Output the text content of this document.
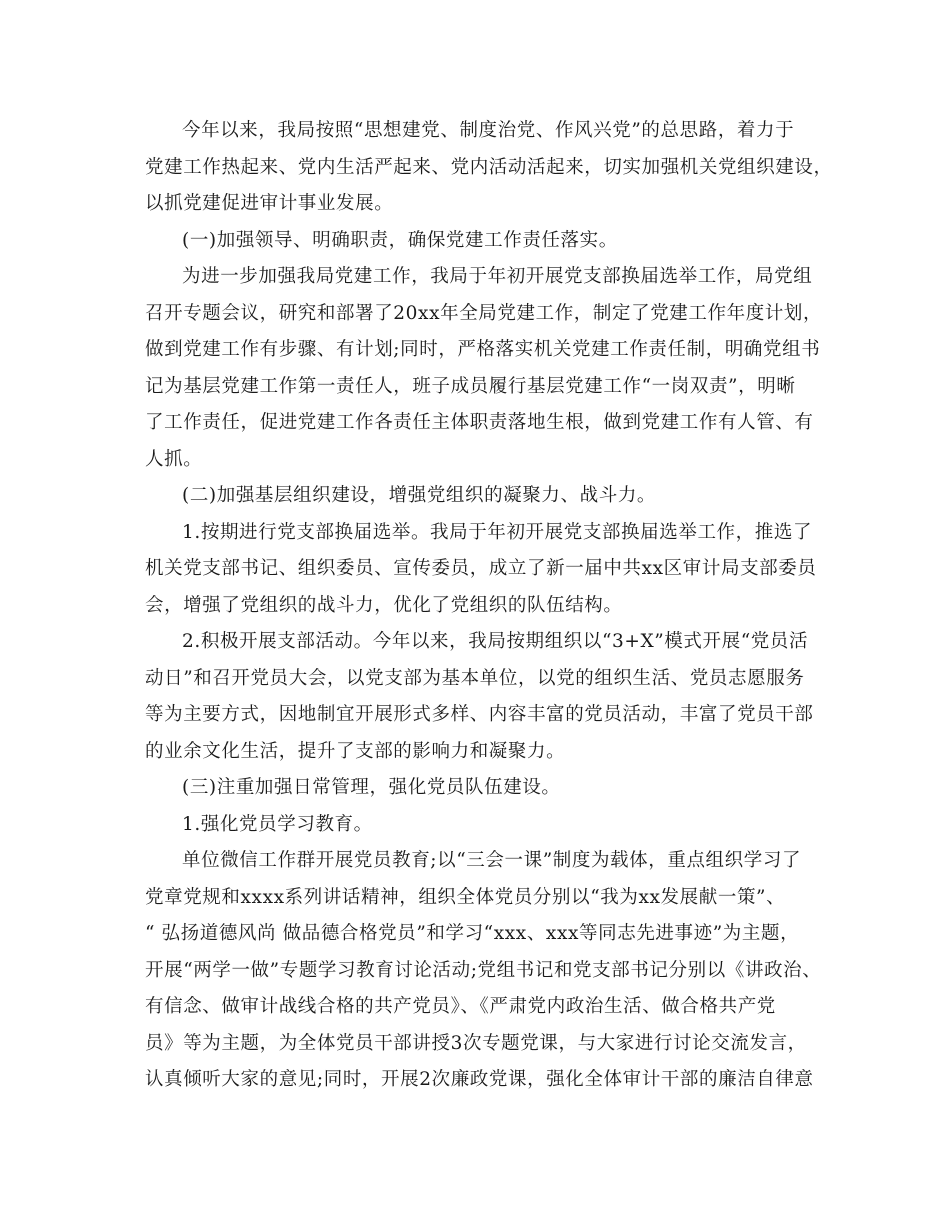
今年以来，我局按照“思想建党、制度治党、作风兴党”的总思路，着力于
党建工作热起来、党内生活严起来、党内活动活起来，切实加强机关党组织建设，
以抓党建促进审计事业发展。
(一)加强领导、明确职责，确保党建工作责任落实。
为进一步加强我局党建工作，我局于年初开展党支部换届选举工作，局党组
召开专题会议，研究和部署了20xx年全局党建工作，制定了党建工作年度计划，
做到党建工作有步骤、有计划;同时，严格落实机关党建工作责任制，明确党组书
记为基层党建工作第一责任人，班子成员履行基层党建工作“一岗双责”，明晰
了工作责任，促进党建工作各责任主体职责落地生根，做到党建工作有人管、有
人抓。
(二)加强基层组织建设，增强党组织的凝聚力、战斗力。
1.按期进行党支部换届选举。我局于年初开展党支部换届选举工作，推选了
机关党支部书记、组织委员、宣传委员，成立了新一届中共xx区审计局支部委员
会，增强了党组织的战斗力，优化了党组织的队伍结构。
2.积极开展支部活动。今年以来，我局按期组织以“3+X”模式开展“党员活
动日”和召开党员大会，以党支部为基本单位，以党的组织生活、党员志愿服务
等为主要方式，因地制宜开展形式多样、内容丰富的党员活动，丰富了党员干部
的业余文化生活，提升了支部的影响力和凝聚力。
(三)注重加强日常管理，强化党员队伍建设。
1.强化党员学习教育。
单位微信工作群开展党员教育;以“三会一课”制度为载体，重点组织学习了
党章党规和xxxx系列讲话精神，组织全体党员分别以“我为xx发展献一策”、
“ 弘扬道德风尚 做品德合格党员”和学习“xxx、xxx等同志先进事迹”为主题，
开展“两学一做”专题学习教育讨论活动;党组书记和党支部书记分别以《讲政治、
有信念、做审计战线合格的共产党员》、《严肃党内政治生活、做合格共产党
员》等为主题，为全体党员干部讲授3次专题党课，与大家进行讨论交流发言，
认真倾听大家的意见;同时，开展2次廉政党课，强化全体审计干部的廉洁自律意
